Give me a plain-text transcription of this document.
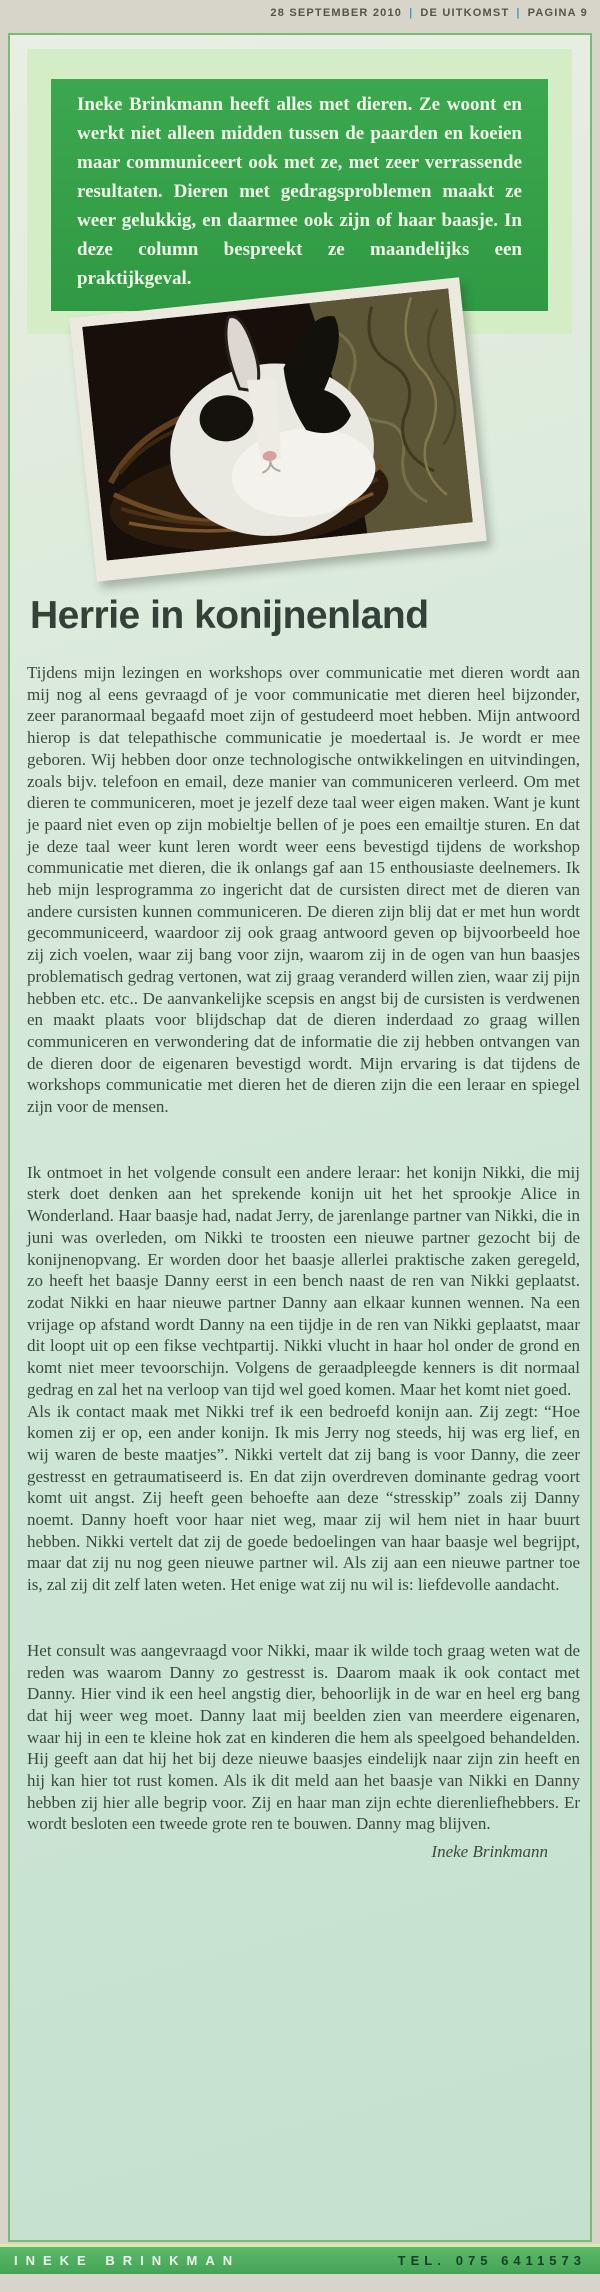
28 SEPTEMBER 2010 | DE UITKOMST | PAGINA 9

Ineke Brinkmann heeft alles met dieren. Ze woont en werkt niet alleen midden tussen de paarden en koeien maar communiceert ook met ze, met zeer verrassende resultaten. Dieren met gedragsproblemen maakt ze weer gelukkig, en daarmee ook zijn of haar baasje. In deze column bespreekt ze maandelijks een praktijkgeval.

Herrie in konijnenland

Tijdens mijn lezingen en workshops over communicatie met dieren wordt aan mij nog al eens gevraagd of je voor communicatie met dieren heel bijzonder, zeer paranormaal begaafd moet zijn of gestudeerd moet hebben. Mijn antwoord hierop is dat telepathische communicatie je moedertaal is. Je wordt er mee geboren. Wij hebben door onze technologische ontwikkelingen en uitvindingen, zoals bijv. telefoon en email, deze manier van communiceren verleerd. Om met dieren te communiceren, moet je jezelf deze taal weer eigen maken. Want je kunt je paard niet even op zijn mobieltje bellen of je poes een emailtje sturen. En dat je deze taal weer kunt leren wordt weer eens bevestigd tijdens de workshop communicatie met dieren, die ik onlangs gaf aan 15 enthousiaste deelnemers. Ik heb mijn lesprogramma zo ingericht dat de cursisten direct met de dieren van andere cursisten kunnen communiceren. De dieren zijn blij dat er met hun wordt gecommuniceerd, waardoor zij ook graag antwoord geven op bijvoorbeeld hoe zij zich voelen, waar zij bang voor zijn, waarom zij in de ogen van hun baasjes problematisch gedrag vertonen, wat zij graag veranderd willen zien, waar zij pijn hebben etc. etc.. De aanvankelijke scepsis en angst bij de cursisten is verdwenen en maakt plaats voor blijdschap dat de dieren inderdaad zo graag willen communiceren en verwondering dat de informatie die zij hebben ontvangen van de dieren door de eigenaren bevestigd wordt. Mijn ervaring is dat tijdens de workshops communicatie met dieren het de dieren zijn die een leraar en spiegel zijn voor de mensen.

Ik ontmoet in het volgende consult een andere leraar: het konijn Nikki, die mij sterk doet denken aan het sprekende konijn uit het het sprookje Alice in Wonderland. Haar baasje had, nadat Jerry, de jarenlange partner van Nikki, die in juni was overleden, om Nikki te troosten een nieuwe partner gezocht bij de konijnenopvang. Er worden door het baasje allerlei praktische zaken geregeld, zo heeft het baasje Danny eerst in een bench naast de ren van Nikki geplaatst. zodat Nikki en haar nieuwe partner Danny aan elkaar kunnen wennen. Na een vrijage op afstand wordt Danny na een tijdje in de ren van Nikki geplaatst, maar dit loopt uit op een fikse vechtpartij. Nikki vlucht in haar hol onder de grond en komt niet meer tevoorschijn. Volgens de geraadpleegde kenners is dit normaal gedrag en zal het na verloop van tijd wel goed komen. Maar het komt niet goed.

Als ik contact maak met Nikki tref ik een bedroefd konijn aan. Zij zegt: “Hoe komen zij er op, een ander konijn. Ik mis Jerry nog steeds, hij was erg lief, en wij waren de beste maatjes”. Nikki vertelt dat zij bang is voor Danny, die zeer gestresst en getraumatiseerd is. En dat zijn overdreven dominante gedrag voort komt uit angst. Zij heeft geen behoefte aan deze “stresskip” zoals zij Danny noemt. Danny hoeft voor haar niet weg, maar zij wil hem niet in haar buurt hebben. Nikki vertelt dat zij de goede bedoelingen van haar baasje wel begrijpt, maar dat zij nu nog geen nieuwe partner wil. Als zij aan een nieuwe partner toe is, zal zij dit zelf laten weten. Het enige wat zij nu wil is: liefdevolle aandacht.

Het consult was aangevraagd voor Nikki, maar ik wilde toch graag weten wat de reden was waarom Danny zo gestresst is. Daarom maak ik ook contact met Danny. Hier vind ik een heel angstig dier, behoorlijk in de war en heel erg bang dat hij weer weg moet. Danny laat mij beelden zien van meerdere eigenaren, waar hij in een te kleine hok zat en kinderen die hem als speelgoed behandelden. Hij geeft aan dat hij het bij deze nieuwe baasjes eindelijk naar zijn zin heeft en hij kan hier tot rust komen. Als ik dit meld aan het baasje van Nikki en Danny hebben zij hier alle begrip voor. Zij en haar man zijn echte dierenliefhebbers. Er wordt besloten een tweede grote ren te bouwen. Danny mag blijven.

Ineke Brinkmann

INEKE BRINKMAN	TEL. 075 6411573
